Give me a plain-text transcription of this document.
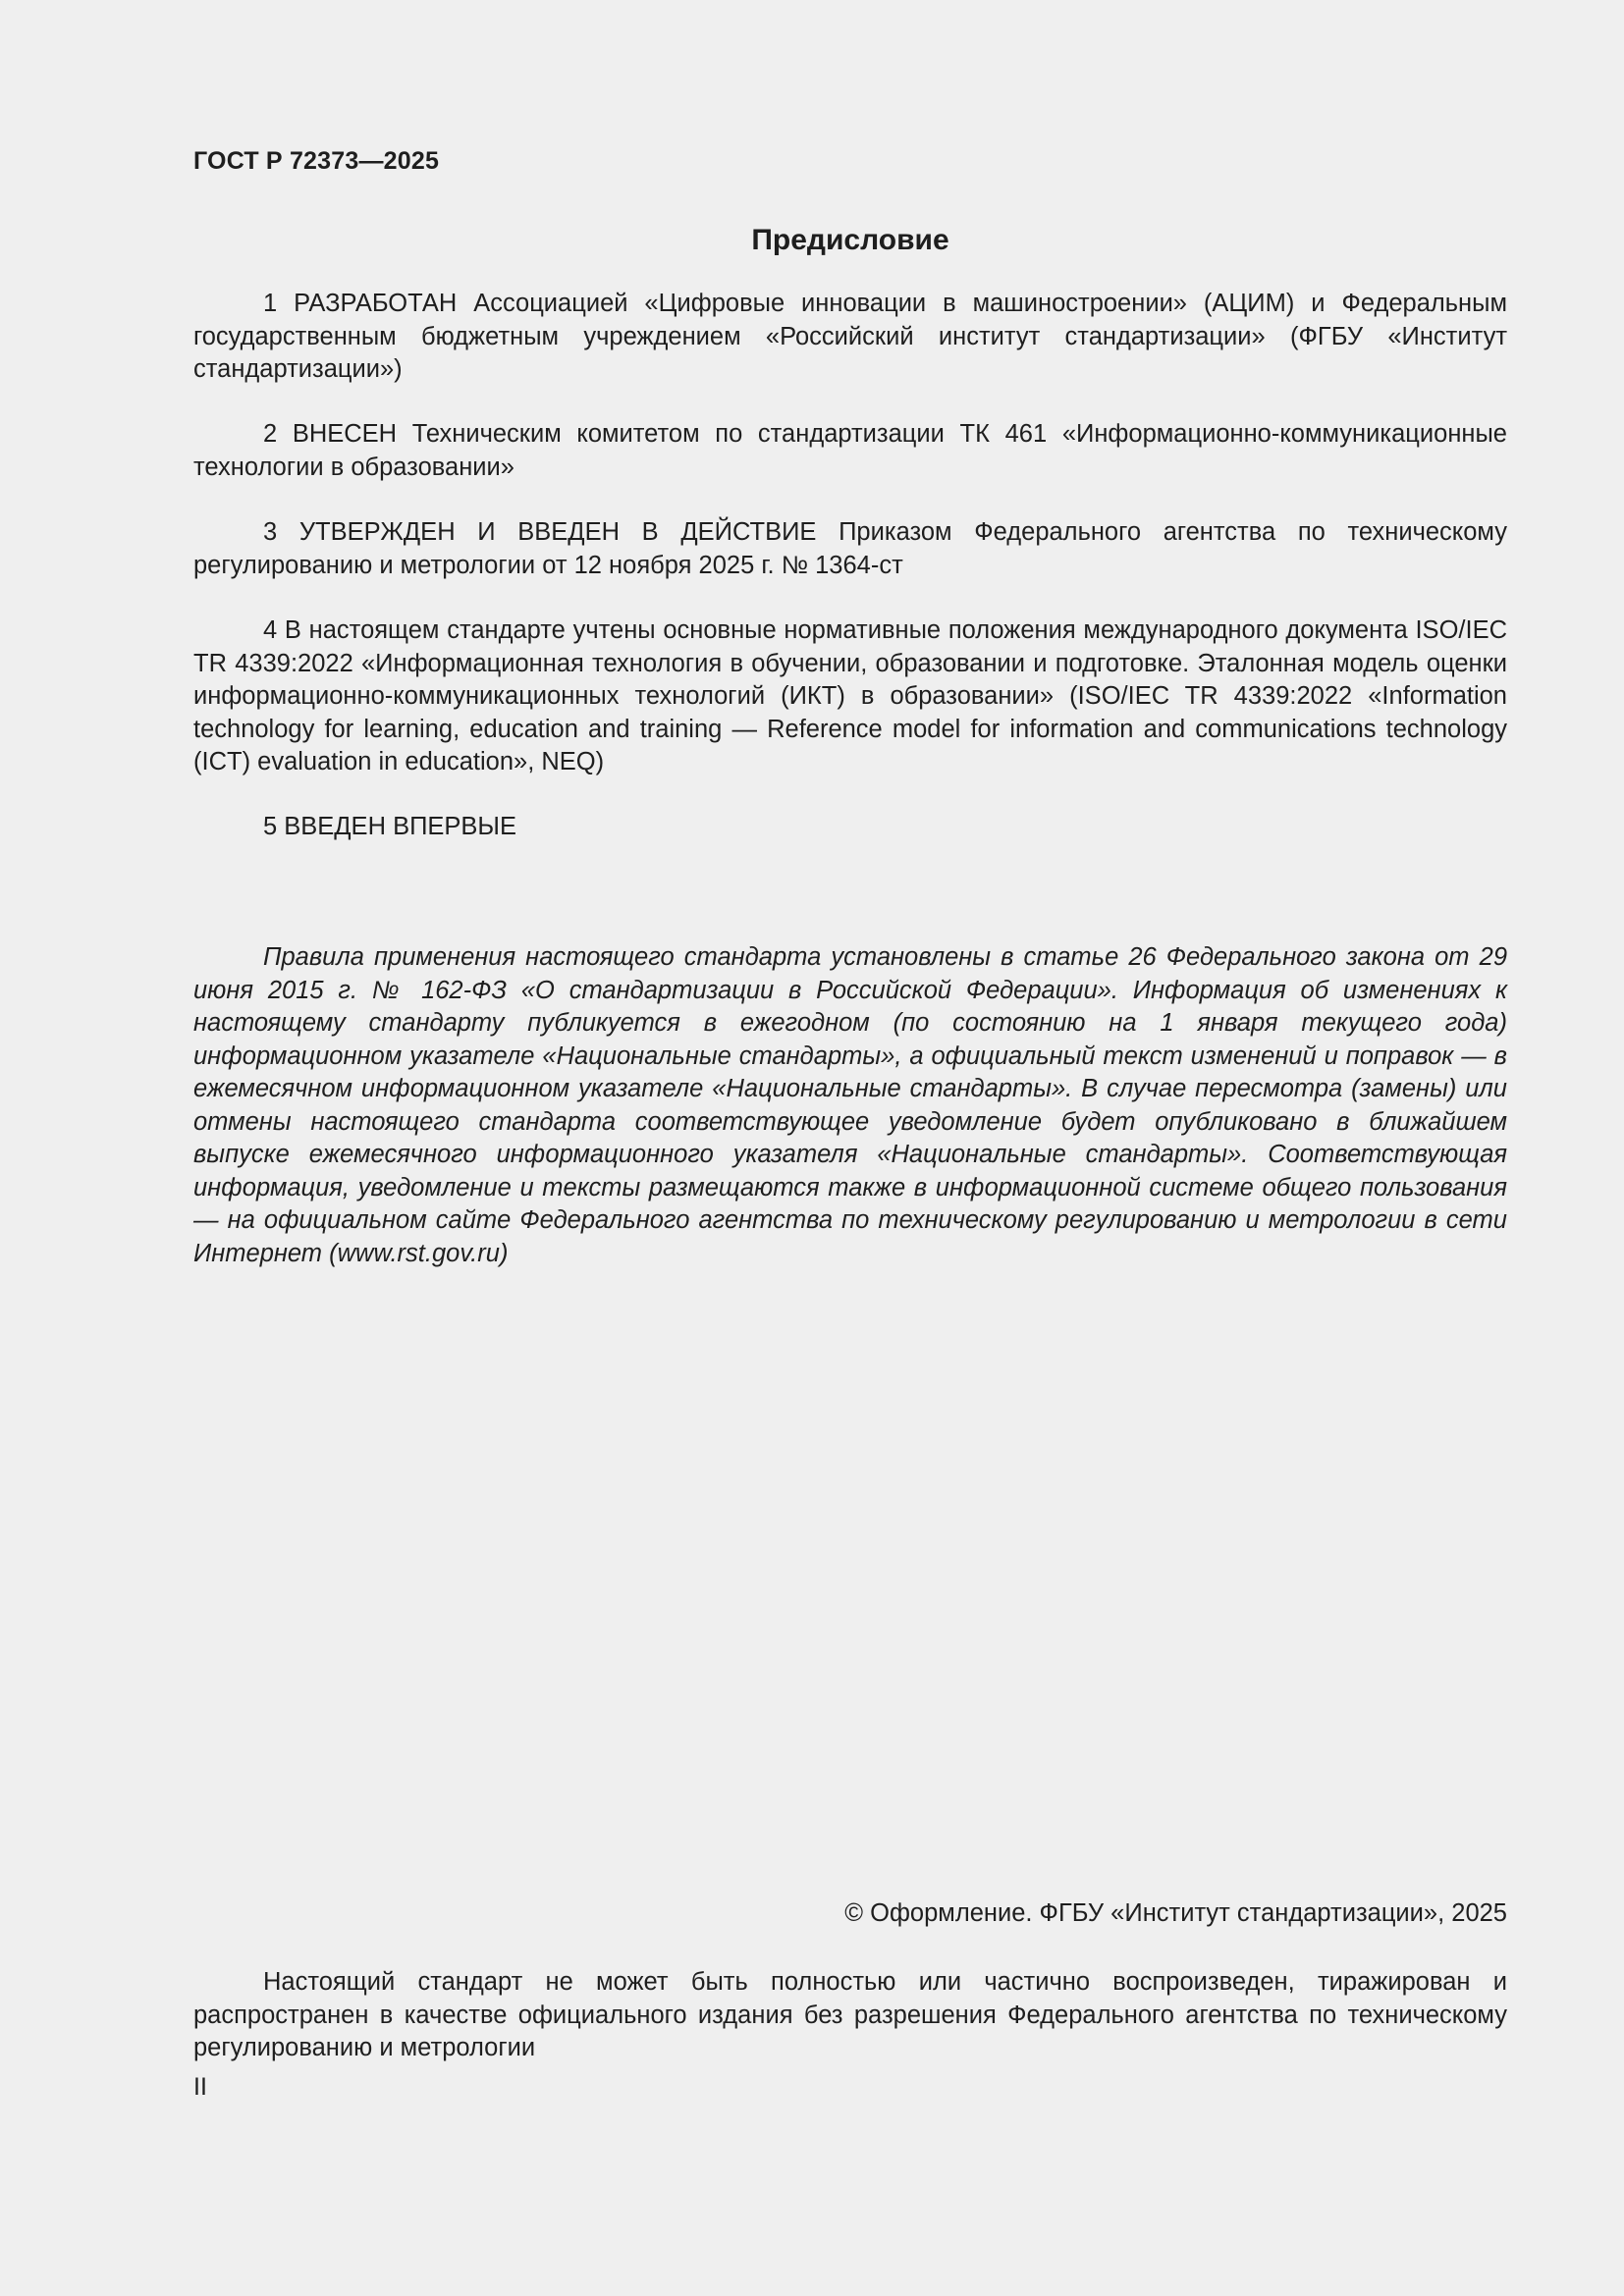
ГОСТ Р 72373—2025
Предисловие

1 РАЗРАБОТАН Ассоциацией «Цифровые инновации в машиностроении» (АЦИМ) и Федеральным государственным бюджетным учреждением «Российский институт стандартизации» (ФГБУ «Институт стандартизации»)

2 ВНЕСЕН Техническим комитетом по стандартизации ТК 461 «Информационно-коммуникационные технологии в образовании»

3 УТВЕРЖДЕН И ВВЕДЕН В ДЕЙСТВИЕ Приказом Федерального агентства по техническому регулированию и метрологии от 12 ноября 2025 г. № 1364-ст

4 В настоящем стандарте учтены основные нормативные положения международного документа ISO/IEC TR 4339:2022 «Информационная технология в обучении, образовании и подготовке. Эталонная модель оценки информационно-коммуникационных технологий (ИКТ) в образовании» (ISO/IEC TR 4339:2022 «Information technology for learning, education and training — Reference model for information and communications technology (ICT) evaluation in education», NEQ)

5 ВВЕДЕН ВПЕРВЫЕ

Правила применения настоящего стандарта установлены в статье 26 Федерального закона от 29 июня 2015 г. № 162-ФЗ «О стандартизации в Российской Федерации». Информация об изменениях к настоящему стандарту публикуется в ежегодном (по состоянию на 1 января текущего года) информационном указателе «Национальные стандарты», а официальный текст изменений и поправок — в ежемесячном информационном указателе «Национальные стандарты». В случае пересмотра (замены) или отмены настоящего стандарта соответствующее уведомление будет опубликовано в ближайшем выпуске ежемесячного информационного указателя «Национальные стандарты». Соответствующая информация, уведомление и тексты размещаются также в информационной системе общего пользования — на официальном сайте Федерального агентства по техническому регулированию и метрологии в сети Интернет (www.rst.gov.ru)

© Оформление. ФГБУ «Институт стандартизации», 2025

Настоящий стандарт не может быть полностью или частично воспроизведен, тиражирован и распространен в качестве официального издания без разрешения Федерального агентства по техническому регулированию и метрологии

II
